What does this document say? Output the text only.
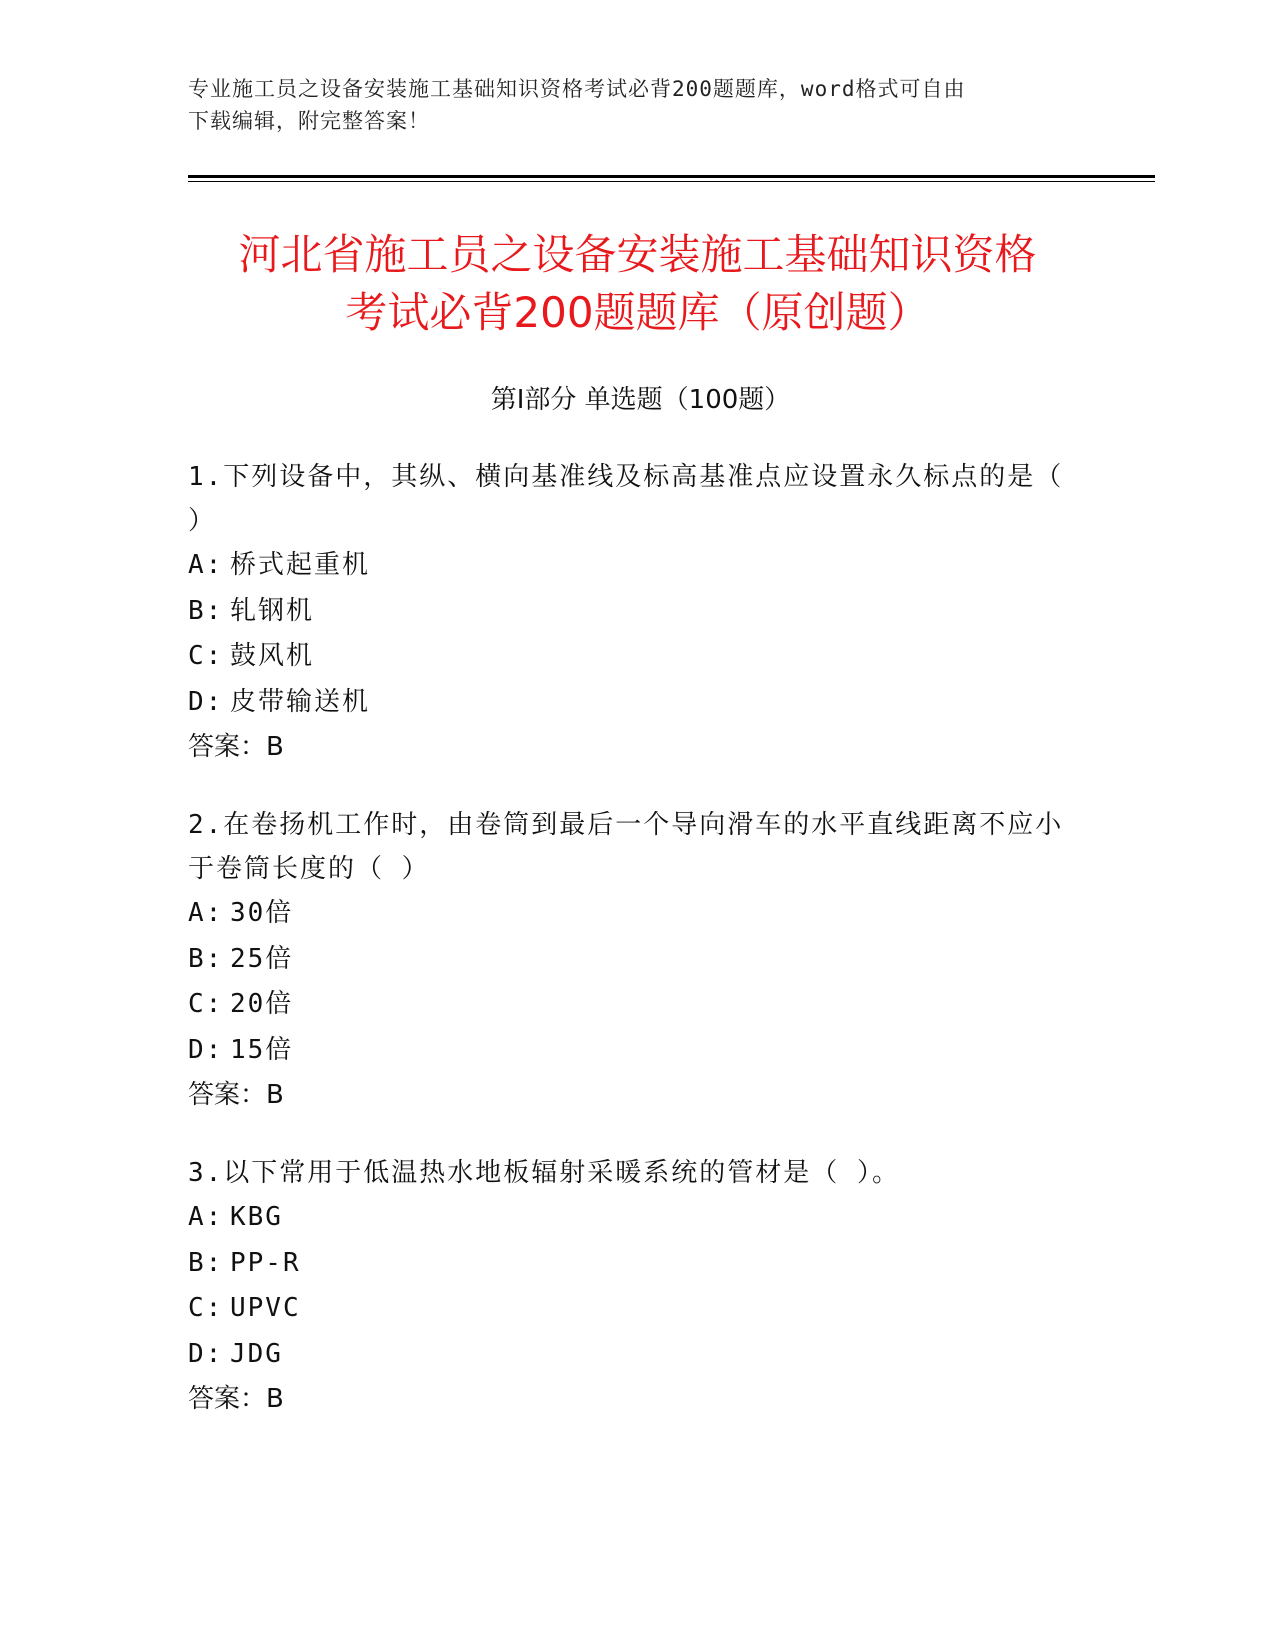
专业施工员之设备安装施工基础知识资格考试必背200题题库，word格式可自由
下载编辑，附完整答案！
河北省施工员之设备安装施工基础知识资格
考试必背200题题库（原创题）
第Ⅰ部分 单选题（100题）

1.下列设备中，其纵、横向基准线及标高基准点应设置永久标点的是（ ）

A: 桥式起重机

B: 轧钢机

C: 鼓风机

D: 皮带输送机

答案：B

2.在卷扬机工作时，由卷筒到最后一个导向滑车的水平直线距离不应小于卷筒长度的（ ）

A: 30倍

B: 25倍

C: 20倍

D: 15倍

答案：B

3.以下常用于低温热水地板辐射采暖系统的管材是（ ）。

A: KBG

B: PP-R

C: UPVC

D: JDG

答案：B
